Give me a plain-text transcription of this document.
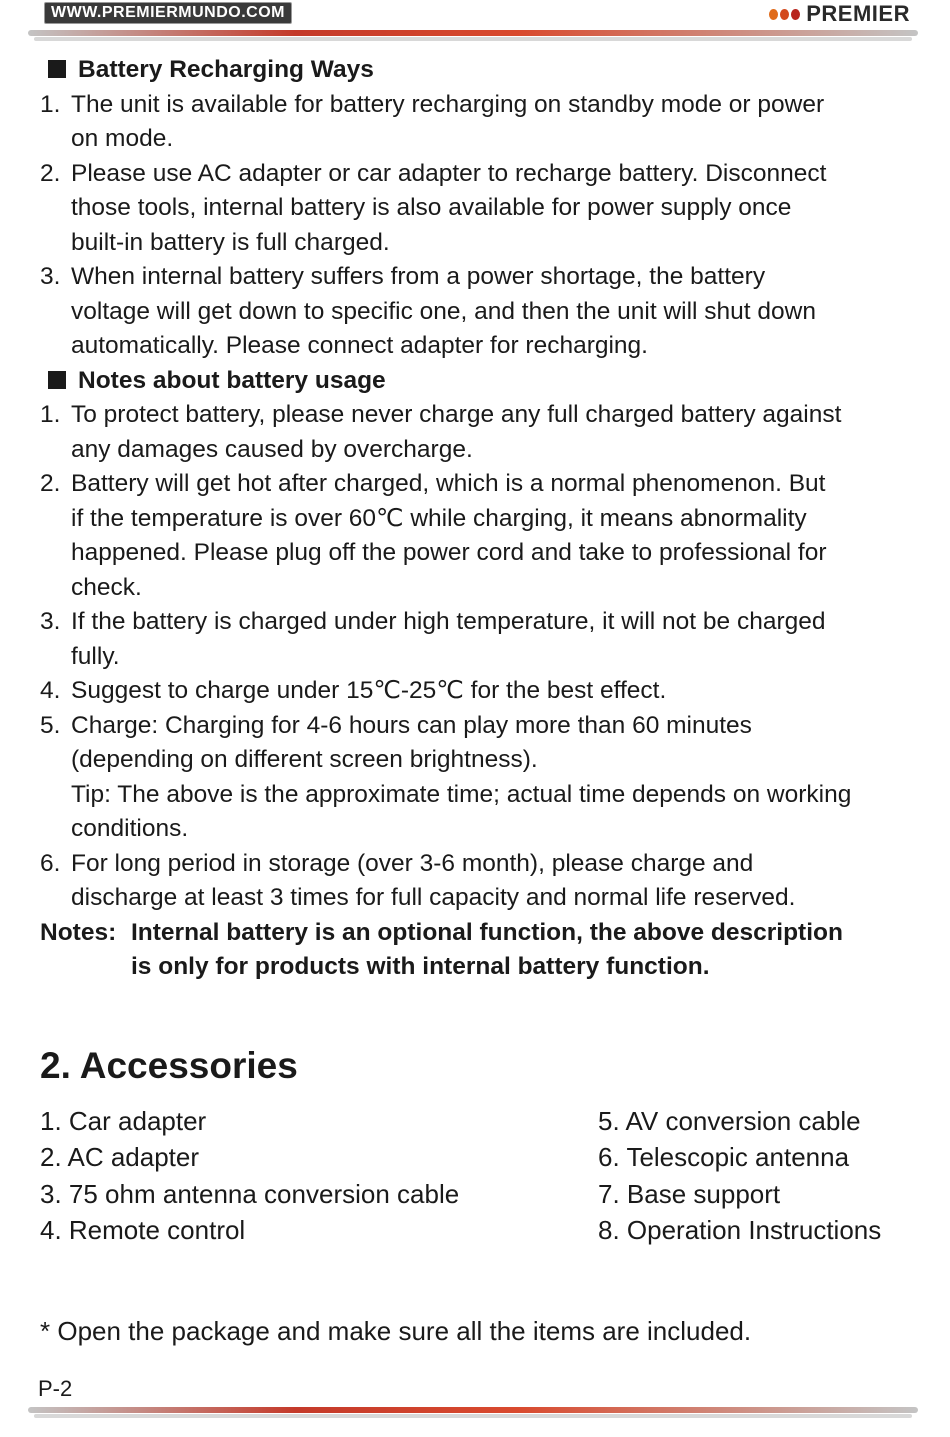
WWW.PREMIERMUNDO.COM	PREMIER
Battery Recharging Ways
1. The unit is available for battery recharging on standby mode or power
on mode.
2. Please use AC adapter or car adapter to recharge battery. Disconnect
those tools, internal battery is also available for power supply once
built-in battery is full charged.
3. When internal battery suffers from a power shortage, the battery
voltage will get down to specific one, and then the unit will shut down
automatically. Please connect adapter for recharging.
Notes about battery usage
1. To protect battery, please never charge any full charged battery against
any damages caused by overcharge.
2. Battery will get hot after charged, which is a normal phenomenon. But
if the temperature is over 60℃ while charging, it means abnormality
happened. Please plug off the power cord and take to professional for
check.
3. If the battery is charged under high temperature, it will not be charged
fully.
4. Suggest to charge under 15℃-25℃ for the best effect.
5. Charge: Charging for 4-6 hours can play more than 60 minutes
(depending on different screen brightness).
Tip: The above is the approximate time; actual time depends on working
conditions.
6. For long period in storage (over 3-6 month), please charge and
discharge at least 3 times for full capacity and normal life reserved.
Notes: Internal battery is an optional function, the above description
is only for products with internal battery function.
2. Accessories
1. Car adapter
2. AC adapter
3. 75 ohm antenna conversion cable
4. Remote control
5. AV conversion cable
6. Telescopic antenna
7. Base support
8. Operation Instructions
* Open the package and make sure all the items are included.
P-2
